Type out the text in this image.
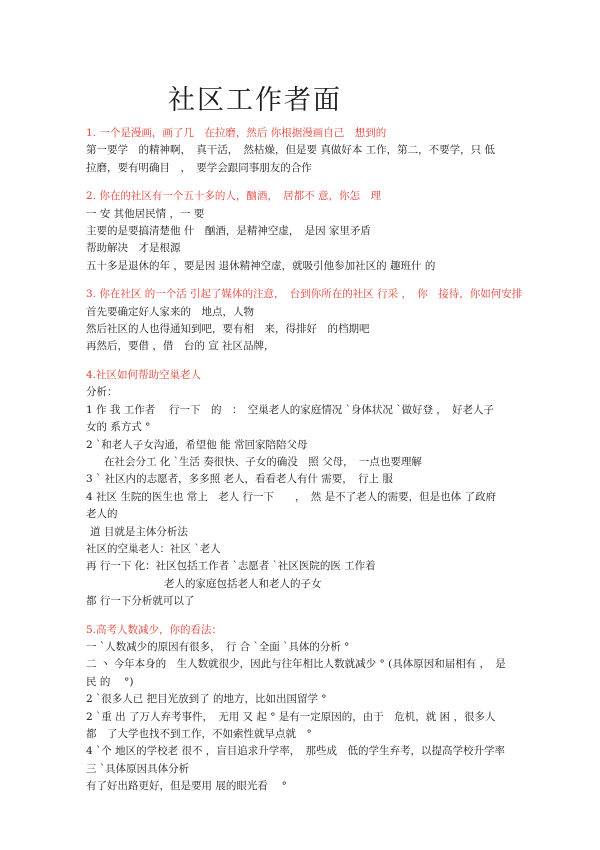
社区工作者面
1. 一个是漫画，画了几　在拉磨，然后 你根据漫画自己　想到的
第一要学　的精神啊，　真干活，　然枯燥，但是要 真做好本 工作，第二，不要学，只 低
拉磨，要有明确目　，　要学会跟同事朋友的合作
2. 你在的社区有一个五十多的人，酗酒，　居都不 意，你怎　理
一 安 其他居民情 ，一 要
主要的是要搞清楚他 什　酗酒，是精神空虚，　是因 家里矛盾
帮助解决　才是根源
五十多是退休的年 ，要是因 退休精神空虚，就吸引他参加社区的 趣班什 的
3. 你在社区 的一个活 引起了媒体的注意，　台到你所在的社区 行采 ，　你　接待，你如何安排
首先要确定好人家来的　地点，人物
然后社区的人也得通知到吧，要有相　来，得排好　的档期吧
再然后，要借 ，借　台的 宣 社区品牌，
4.社区如何帮助空巢老人
分析：
1 作 我 工作者　 行一下　的　：　空巢老人的家庭情况 `身体状况 `做好登 ，　好老人子
女的 系方式 °
2 `和老人子女沟通，希望他 能 常回家陪陪父母
在社会分工 化 `生活 奏很快、子女的确没　照 父母，　一点也要理解
3 ` 社区内的志愿者，多多照 老人，看看老人有什 需要，　行上 服
4 社区 生院的医生也 常上　老人 行一下　　，　然 是不了老人的需要，但是也体 了政府
老人的
道 目就是主体分析法
社区的空巢老人：社区 `老人
再 行一下 化：社区包括工作者 `志愿者 `社区医院的医 工作着
老人的家庭包括老人和老人的子女
都 行一下分析就可以了
5.高考人数减少，你的看法：
一 `人数减少的原因有很多，　行 合 `全面 `具体的分析 °
二 丶 今年本身的　生人数就很少，因此与往年相比人数就减少 ° (具体原因和届相有 ，　是
民 的　 °)
2 `很多人已 把目光放到了 的地方，比如出国留学 °
2 `重 出 了万人弃考事件，　无用 又 起 ° 是有一定原因的，由于　危机，就 困 ，很多人
都　了大学也找不到工作，不如索性就早点就　°
4 `个 地区的学校老 很不 ，盲目追求升学率，　那些成　低的学生弃考，以提高学校升学率
三 `具体原因具体分析
有了好出路更好，但是要用 展的眼光看　 °
